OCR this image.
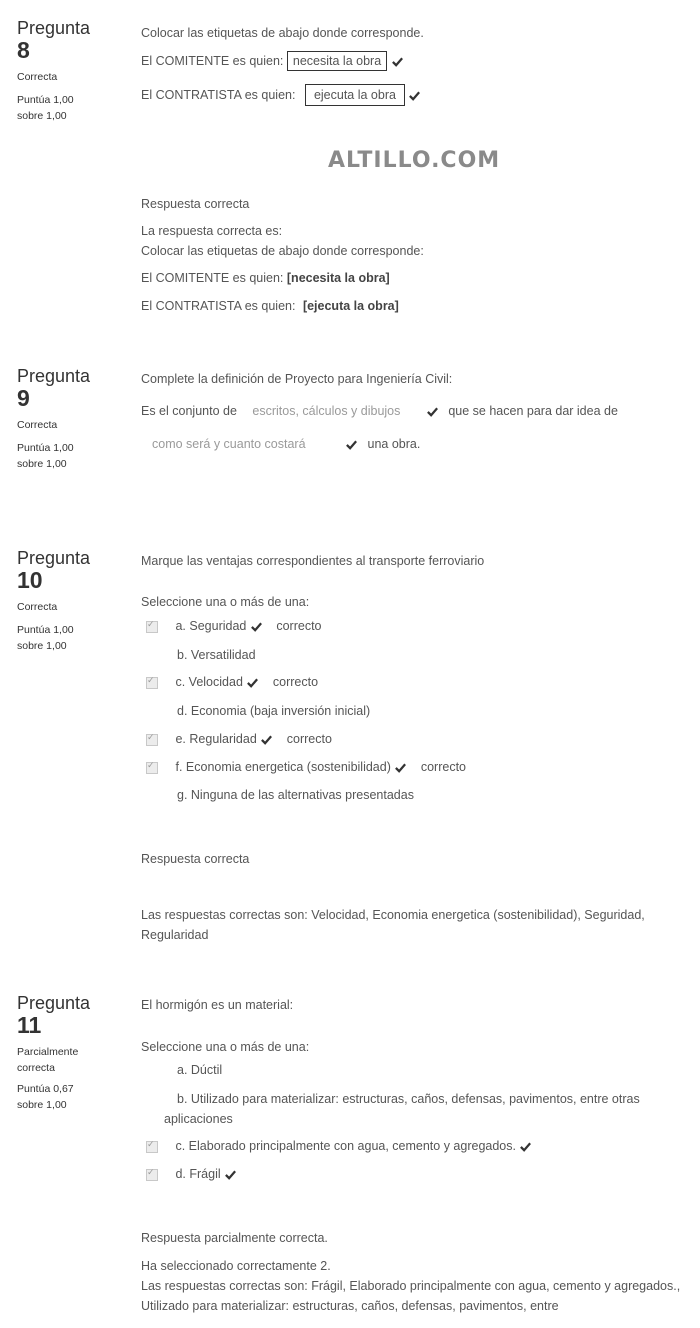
ALTILLO.COM
Pregunta
8
Correcta
Puntúa 1,00
sobre 1,00
Colocar las etiquetas de abajo donde corresponde.
El COMITENTE es quien: necesita la obra
El CONTRATISTA es quien: ejecuta la obra
Respuesta correcta
La respuesta correcta es:
Colocar las etiquetas de abajo donde corresponde:
El COMITENTE es quien: [necesita la obra]
El CONTRATISTA es quien: [ejecuta la obra]
Pregunta
9
Correcta
Puntúa 1,00
sobre 1,00
Complete la definición de Proyecto para Ingeniería Civil:
Es el conjunto de escritos, cálculos y dibujos	que se hacen para dar idea de
como será y cuanto costará	una obra.
Pregunta
10
Correcta
Puntúa 1,00
sobre 1,00
Marque las ventajas correspondientes al transporte ferroviario
Seleccione una o más de una:
✓ a. Seguridad correcto
b. Versatilidad
✓ c. Velocidad correcto
d. Economia (baja inversión inicial)
✓ e. Regularidad correcto
✓ f. Economia energetica (sostenibilidad) correcto
g. Ninguna de las alternativas presentadas
Respuesta correcta
Las respuestas correctas son: Velocidad, Economia energetica (sostenibilidad), Seguridad, Regularidad
Pregunta
11
Parcialmente
correcta
Puntúa 0,67
sobre 1,00
El hormigón es un material:
Seleccione una o más de una:
a. Dúctil
b. Utilizado para materializar: estructuras, caños, defensas, pavimentos, entre otras aplicaciones
✓ c. Elaborado principalmente con agua, cemento y agregados.
✓ d. Frágil
Respuesta parcialmente correcta.
Ha seleccionado correctamente 2.
Las respuestas correctas son: Frágil, Elaborado principalmente con agua, cemento y agregados., Utilizado para materializar: estructuras, caños, defensas, pavimentos, entre
